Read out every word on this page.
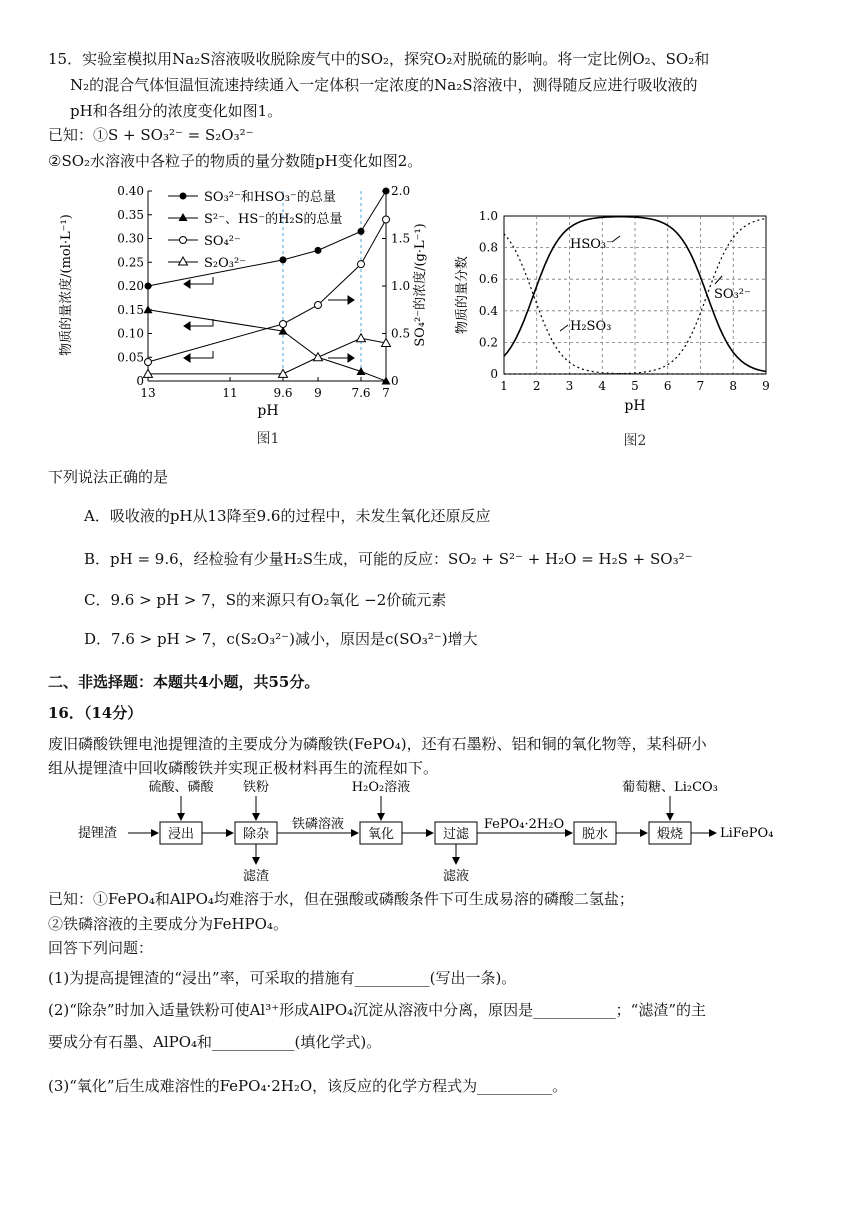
15．实验室模拟用Na₂S溶液吸收脱除废气中的SO₂，探究O₂对脱硫的影响。将一定比例O₂、SO₂和
N₂的混合气体恒温恒流速持续通入一定体积一定浓度的Na₂S溶液中，测得随反应进行吸收液的
pH和各组分的浓度变化如图1。
已知：①S + SO₃²⁻ = S₂O₃²⁻
②SO₂水溶液中各粒子的物质的量分数随pH变化如图2。
0
0.05
0.10
0.15
0.20
0.25
0.30
0.35
0.40
0
0.5
1.0
1.5
2.0
13	11	9.6 9 7.6 7
物质的量浓度/(mol·L⁻¹)	SO₄²⁻的浓度/(g·L⁻¹)
pH
图1
SO₃²⁻和HSO₃⁻的总量
S²⁻、HS⁻的H₂S的总量
SO₄²⁻
S₂O₃²⁻
1 2 3 4 5 6 7 8 9
0
0.2
0.4
0.6
0.8
1.0
物质的量分数
pH
图2
HSO₃⁻
SO₃²⁻
H₂SO₃
下列说法正确的是
A．吸收液的pH从13降至9.6的过程中，未发生氧化还原反应
B．pH = 9.6，经检验有少量H₂S生成，可能的反应：SO₂ + S²⁻ + H₂O = H₂S + SO₃²⁻
C．9.6 > pH > 7，S的来源只有O₂氧化 −2价硫元素
D．7.6 > pH > 7，c(S₂O₃²⁻)减小，原因是c(SO₃²⁻)增大
二、非选择题：本题共4小题，共55分。
16．（14分）
废旧磷酸铁锂电池提锂渣的主要成分为磷酸铁(FePO₄)，还有石墨粉、铝和铜的氧化物等，某科研小
组从提锂渣中回收磷酸铁并实现正极材料再生的流程如下。
提锂渣	浸出	除杂
铁磷溶液
氧化	过滤
FePO₄·2H₂O
脱水	煅烧	LiFePO₄
硫酸、磷酸 铁粉	H₂O₂溶液	葡萄糖、Li₂CO₃
滤渣	滤液
已知：①FePO₄和AlPO₄均难溶于水，但在强酸或磷酸条件下可生成易溶的磷酸二氢盐；
②铁磷溶液的主要成分为FeHPO₄。
回答下列问题：
(1)为提高提锂渣的“浸出”率，可采取的措施有__________(写出一条)。
(2)“除杂”时加入适量铁粉可使Al³⁺形成AlPO₄沉淀从溶液中分离，原因是___________；“滤渣”的主
要成分有石墨、AlPO₄和___________(填化学式)。
(3)“氧化”后生成难溶性的FePO₄·2H₂O，该反应的化学方程式为__________。
